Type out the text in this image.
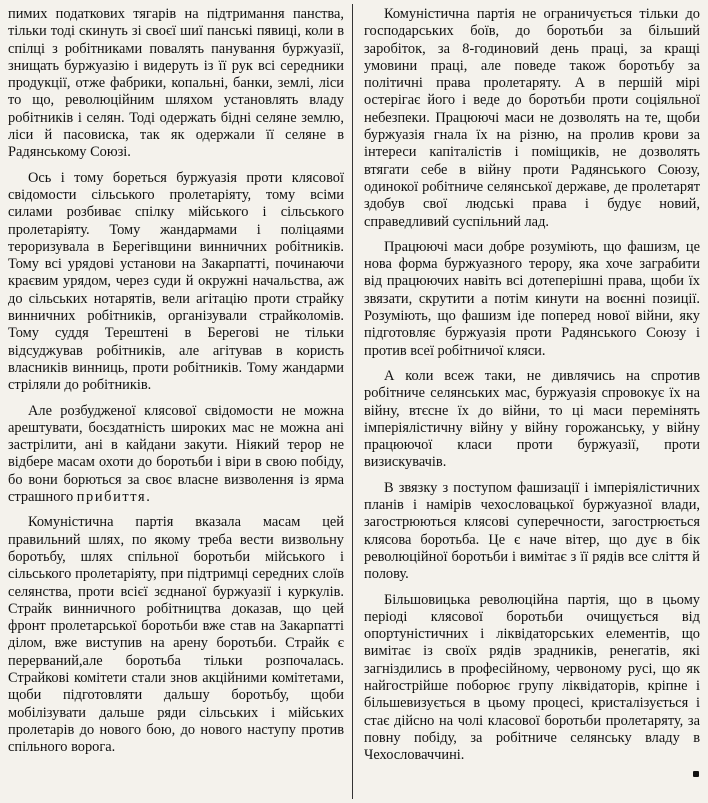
пимих податкових тягарів на підтримання панства, тільки тоді скинуть зі своєї шиї панські пявиці, коли в спілці з робітниками повалять панування буржуазії, знищать буржуазію і видеруть із її рук всі середники продукції, отже фабрики, копальні, банки, землі, ліси то що, революційним шляхом установлять владу робітників і селян. Тоді одержать бідні селяне землю, ліси й пасовиска, так як одержали її селяне в Радянському Союзі.

Ось і тому бореться буржуазія проти клясової свідомости сільського пролетаріяту, тому всіми силами розбиває спілку мійського і сільського пролетаріяту. Тому жандармами і поліцаями тероризувала в Берегівщини винничних робітників. Тому всі урядові установи на Закарпатті, починаючи краєвим урядом, через суди й окружні начальства, аж до сільських нотарятів, вели агітацію проти страйку винничних робітників, організували страйколомів. Тому суддя Терештені в Берегові не тільки відсуджував робітників, але агітував в користь власників винниць, проти робітників. Тому жандарми стріляли до робітників.

Але розбудженої клясової свідомости не можна арештувати, боєздатність широких мас не можна ані застрілити, ані в кайдани закути. Ніякий терор не відбере масам охоти до боротьби і віри в свою побіду, бо вони борються за своє власне визволення із ярма страшного прибиття.

Комуністична партія вказала масам цей правильний шлях, по якому треба вести визвольну боротьбу, шлях спільної боротьби мійського і сільського пролетаріяту, при підтримці середних слоїв селянства, проти всієї зєднаної буржуазії і куркулів. Страйк винничного робітництва доказав, що цей фронт пролетарської боротьби вже став на Закарпатті ділом, вже виступив на арену боротьби. Страйк є перерваний,але боротьба тільки розпочалась. Страйкові комітети стали знов акційними комітетами, щоби підготовляти дальшу боротьбу, щоби мобілізувати дальше ряди сільських і мійських пролетарів до нового бою, до нового наступу против спільного ворога.

Комуністична партія не ограничується тільки до господарських боїв, до боротьби за більший заробіток, за 8-годиновий день праці, за кращі умовини праці, але поведе також боротьбу за політичні права пролетаряту. А в першій мірі остерігає його і веде до боротьби проти соціяльної небезпеки. Працюючі маси не дозволять на те, щоби буржуазія гнала їх на різню, на пролив крови за інтереси капіталістів і поміщиків, не дозволять втягати себе в війну проти Радянського Союзу, одинокої робітниче селянської державе, де пролетарят здобув свої людські права і будує новий, справедливий суспільний лад.

Працюючі маси добре розуміють, що фашизм, це нова форма буржуазного терору, яка хоче заграбити від працюючих навіть всі дотеперішні права, щоби їх звязати, скрутити а потім кинути на воєнні позиції. Розуміють, що фашизм іде поперед нової війни, яку підготовляє буржуазія проти Радянського Союзу і против всеї робітничої кляси.

А коли всеж таки, не дивлячись на спротив робітниче селянських мас, буржуазія спровокує їх на війну, втєсне їх до війни, то ці маси перемінять імперіялістичну війну у війну горожанську, у війну працюючої класи проти буржуазії, проти визискувачів.

В звязку з поступом фашизації і імперіялістичних планів і намірів чехословацької буржуазної влади, загострюються клясові суперечности, загострюється клясова боротьба. Це є наче вітер, що дує в бік революційної боротьби і вимітає з її рядів все сліття й полову.

Більшовицька революційна партія, що в цьому періоді клясової боротьби очищується від опортуністичних і ліквідаторських елементів, що вимітає із своїх рядів зрадників, ренегатів, які загніздились в професійному, червоному русі, що як найгострійше поборює групу ліквідаторів, кріпне і більшевизується в цьому процесі, кристалізується і стає дійсно на чолі класової боротьби пролетаряту, за повну побіду, за робітниче селянську владу в Чехословаччині.
